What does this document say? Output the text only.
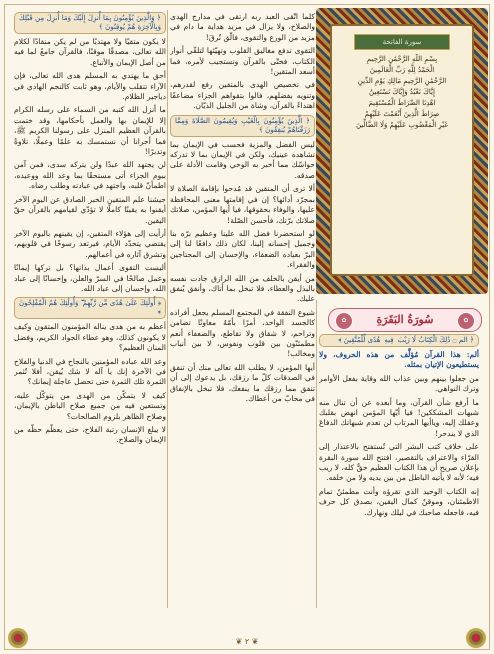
﴿ وَالَّذِينَ يُؤْمِنُونَ بِمَا أُنزِلَ إِلَيْكَ وَمَا أُنزِلَ مِن قَبْلِكَ وَبِالْآخِرَةِ هُمْ يُوقِنُونَ ﴾

لا يكون متقيًا ولا مهتديًا من لم يكن منقادًا لكلام الله تعالى، مصدقًا موقنًا، فالقرآن جامعٌ لما فيه من أصل الإيمان والأتباع.

أحق ما يهتدي به المسلم هدى الله تعالى، فإن الآراء تتقلب والأيام، وهو ثابت كالنجم الهادي في دياجير الظلام.

ما أنزل الله كتبه من السماء على رسله الكرام إلا للإيمان بها والعمل بأحكامها، وقد ختمت بالقرآن العظيم المنزل على رسولنا الكريم ﷺ، فما أحرانا أن نستمسك به علمًا وعملًا، تلاوةً وتدبرًا!

لن يجتهد الله عبدًا ولن يتركه سدى، فمن آمن بيوم الجزاء أتى مستحقًا بما وعد الله ووعيده، اطمأنّ قلبه، واجتهد في عبادته وطلب رضاه.

جيشنا علم المتقين الخبر الصادق عن اليوم الآخر أيقنوا به يقينًا كاملًا لا تؤدّي لقيامهم بالقرآن حقّ اليقين.

أرأيت إلى هؤلاء المتقين، إن يقينهم باليوم الآخر يقتضي يتحدّد الأيام، فيرتعد رسوخًا في قلوبهم، وتشرق آثاره في أعمالهم.

أليست التقوى أعمال بذاتها؟ بل تركها إيمانًا وعمل صالحًا في السرّ والعلن، وإحسانًا إلى عباد الله، وإحسان إلى عباد الله.

﴿ أُولَٰئِكَ عَلَىٰ هُدًى مِّن رَّبِّهِمْ ۖ وَأُولَٰئِكَ هُمُ الْمُفْلِحُونَ ﴾

أعظم به من هدى يناله المؤمنون المتقون وكيف لا يكونون كذلك، وهو عطاء الجواد الكريم، وفضل المنان العظيم؟

وعد الله عباده المؤمنين بالنجاح في الدنيا والفلاح في الآخرة إنك يا آله لا شك يُيقن، أفلا تُثمر الثمرة تلك الثمرة حتى تحصل عاجلة إيمانك؟

كيف لا يتمكّن من الهدى من يتوكّل عليه، وتستعين فيه من جميع صلاح الباطن بالإيمان، وصلاح الظاهر بلزوم الصالحات؟

لا يبلغ الإنسان رتبة الفلاح، حتى يعظّم حظّه من الإيمان والصلاح.

كلما اتّقى العبد ربه ارتقى في مدارج الهدى والصلاح، ولا يزال في مزيد هداية ما دام في مزيد من الورع والتقوى، فالّق تُرقَ!

التقوى تدفع مغاليق القلوب وتهيّئها لتلقّي أنوار الكتاب، فحتّى بالقرآن وتستجيب لأمره، فما أسعد المتقين!

في تخصيص الهدى بالمتقين رفع لقدرهم، وتنويه بفضلهم، فالوا بتقواهم الجزاء مضاعفًا اهتداءً بالقرآن، وشاة من الجليل الذيّان.

﴿ الَّذِينَ يُؤْمِنُونَ بِالْغَيْبِ وَيُقِيمُونَ الصَّلَاةَ وَمِمَّا رَزَقْنَاهُمْ يُنفِقُونَ ﴾

ليس الفضل والمزية فحسب في الإيمان بما تشاهده عينيك، ولكن في الإيمان بما لا تدركه حواسّك مما أخبر به الوحي وقامت الأدلة على صدقه.

ألا ترى أن المتقين قد مُدحوا بإقامة الصلاة لا بمجرّد أدائها؟ إن في إقامتها معنى المحافظة عليها، والوفاء بحقوقها، فيا أيها المؤمن، صلاتك صلاتك برّتك، فأحسن الصّلة!

لو استحضرنا فضل الله علينا وعظيم برّه بنا وجميل إحسانه إلينا، لكان ذلك دافعًا لنا إلى البرّ بعباده الضعفاء، والإحسان إلى المحتاجين والفقراء.

من أيقن بالخلف من الله الرازق جادت نفسه بالبذل والعطاء، فلا تبخل بما أتاك، وأنفق يُنفق عليك.

شيوع النفقة في المجتمع المسلم يجعل أفراده كالجسد الواحد، أمرًا بأمّهُ معاونًا تضامن وتراحم، لا شقاق ولا تقاطع، والضعفاء أنعم مطمئنّون بين قلوب ونفوس، لا بين أنياب ومخالب!

أيها المؤمن، لا يطلب الله تعالى منك أن تنفق في الصدقات كلّ ما رزقك، بل يدعوك إلى أن تنفق مما رزقك ما ينفعك، فلا تبخل بالإنفاق في محابّ من أعطاك.

سورة الفاتحة
بِسْمِ اللَّهِ الرَّحْمَٰنِ الرَّحِيمِ
الْحَمْدُ لِلَّهِ رَبِّ الْعَالَمِينَ
الرَّحْمَٰنِ الرَّحِيمِ مَالِكِ يَوْمِ الدِّينِ
إِيَّاكَ نَعْبُدُ وَإِيَّاكَ نَسْتَعِينُ
اهْدِنَا الصِّرَاطَ الْمُسْتَقِيمَ
صِرَاطَ الَّذِينَ أَنْعَمْتَ عَلَيْهِمْ
غَيْرِ الْمَغْضُوبِ عَلَيْهِمْ وَلَا الضَّالِّينَ
✿	سُورَةُ البَقَرَةِ	✿
﴿ الم ۝ ذَٰلِكَ الْكِتَابُ لَا رَيْبَ ۛ فِيهِ ۛ هُدًى لِّلْمُتَّقِينَ ﴾

ألم: هذا القرآن مُؤلَّف من هذه الحروف، ولا يستطيعون الإتيان بمثله.

من جعلوا بينهم وبين عذاب الله وقاية بفعل الأوامر وترك النواهي.

ما أرفع شأن القرآن، وما أبعده عن أن تنال منه شبهات المشككين! فيا أيّها المؤمن انهض بقلبك وعقلك إليه، وياأيها المرتاب لن تعدم شبهاتك الدفاعَ الذي لا يندحر!

على خلاف كتب البشر التي تُستفتح بالاعتذار إلى القرّاء والاعتراف بالتقصير، افتتح الله سورة البقرة بإعلان صريح أن هذا الكتاب العظيم حقٌّ كله، لا ريب فيه؛ لأنه لا يأتيه الباطل من بين يديه ولا من خلفه.

إنه الكتاب الوحيد الذي تقرؤه وأنت مطمئنٌ تمام الاطمئنان، وموقنٌ كمال اليقين، بصدق كل حرف فيه، فاجعله صاحبك في ليلك ونهارك.

❦ ۲ ❦
